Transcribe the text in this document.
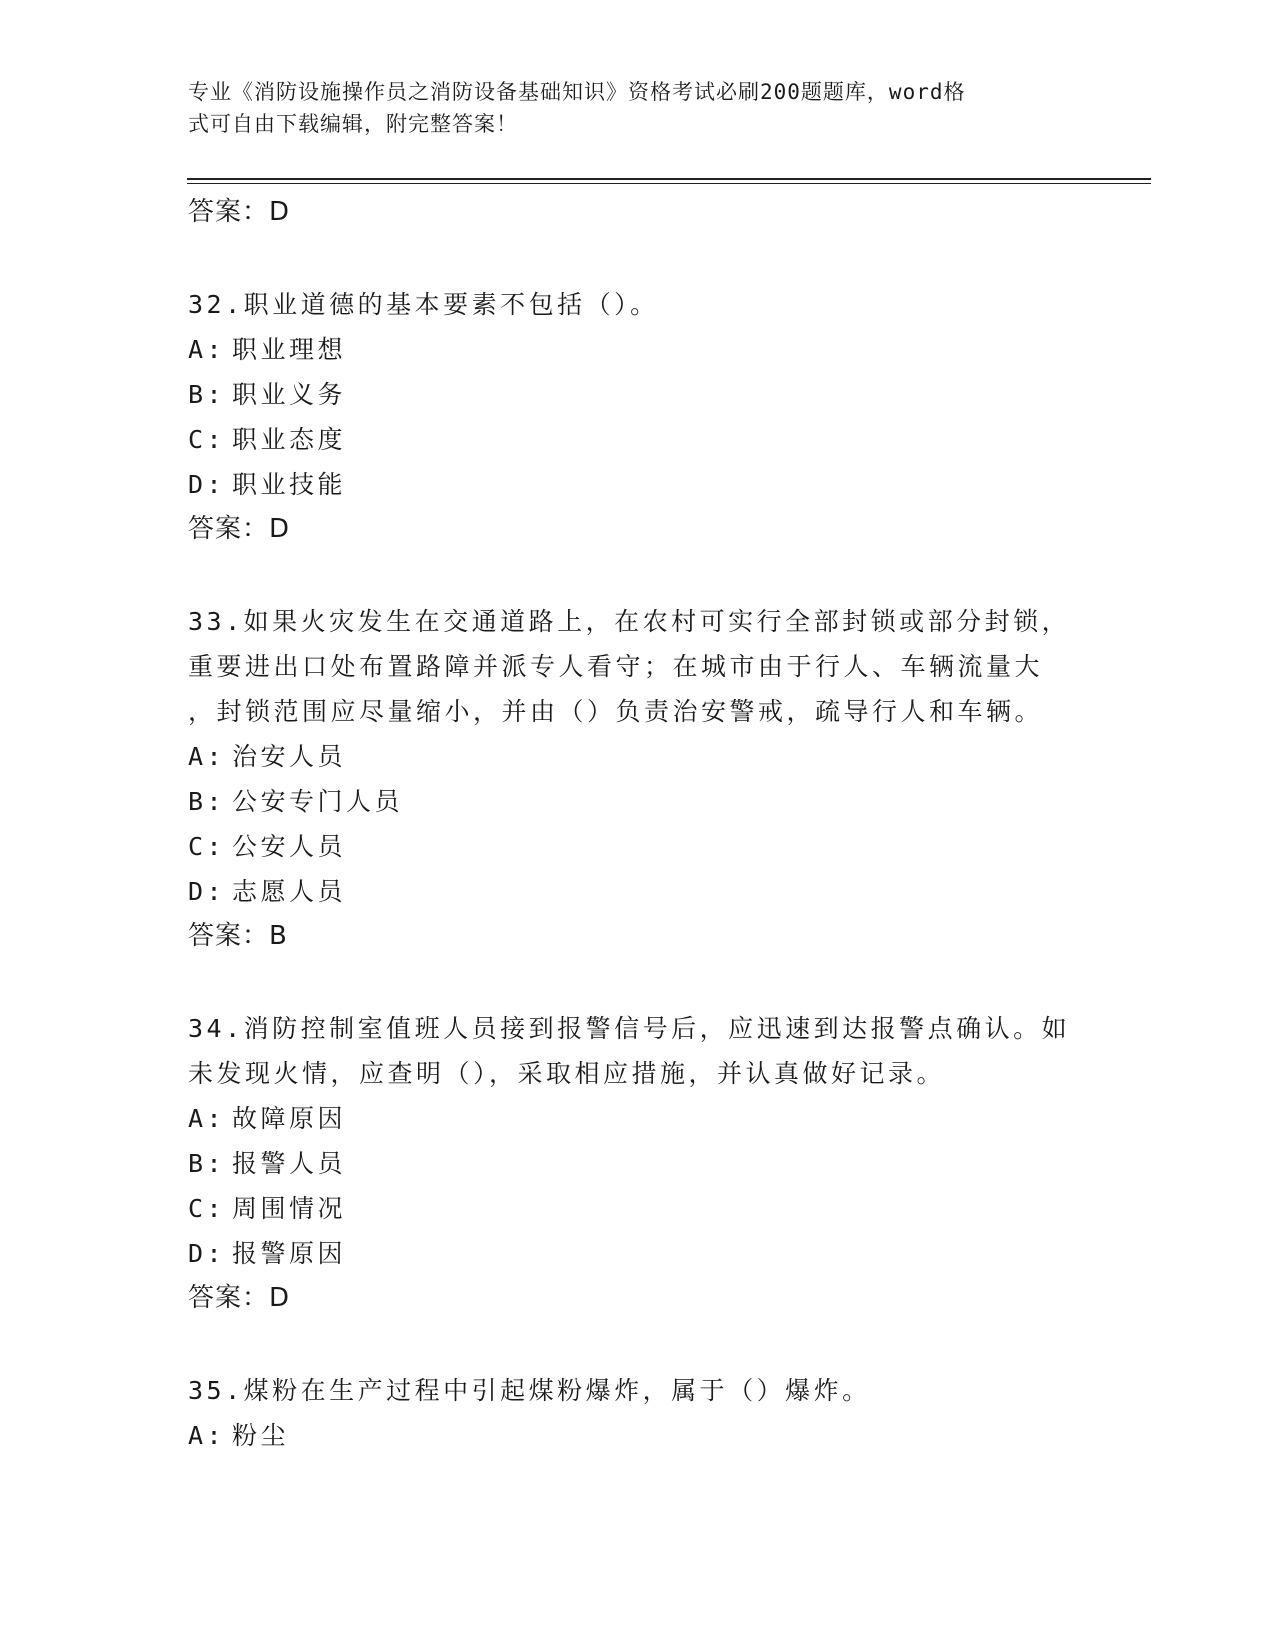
专业《消防设施操作员之消防设备基础知识》资格考试必刷200题题库，word格
式可自由下载编辑，附完整答案！
答案：D
32.职业道德的基本要素不包括（）。
A: 职业理想
B: 职业义务
C: 职业态度
D: 职业技能
答案：D
33.如果火灾发生在交通道路上，在农村可实行全部封锁或部分封锁，
重要进出口处布置路障并派专人看守；在城市由于行人、车辆流量大
，封锁范围应尽量缩小，并由（）负责治安警戒，疏导行人和车辆。
A: 治安人员
B: 公安专门人员
C: 公安人员
D: 志愿人员
答案：B
34.消防控制室值班人员接到报警信号后，应迅速到达报警点确认。如
未发现火情，应查明（），采取相应措施，并认真做好记录。
A: 故障原因
B: 报警人员
C: 周围情况
D: 报警原因
答案：D
35.煤粉在生产过程中引起煤粉爆炸，属于（）爆炸。
A: 粉尘
